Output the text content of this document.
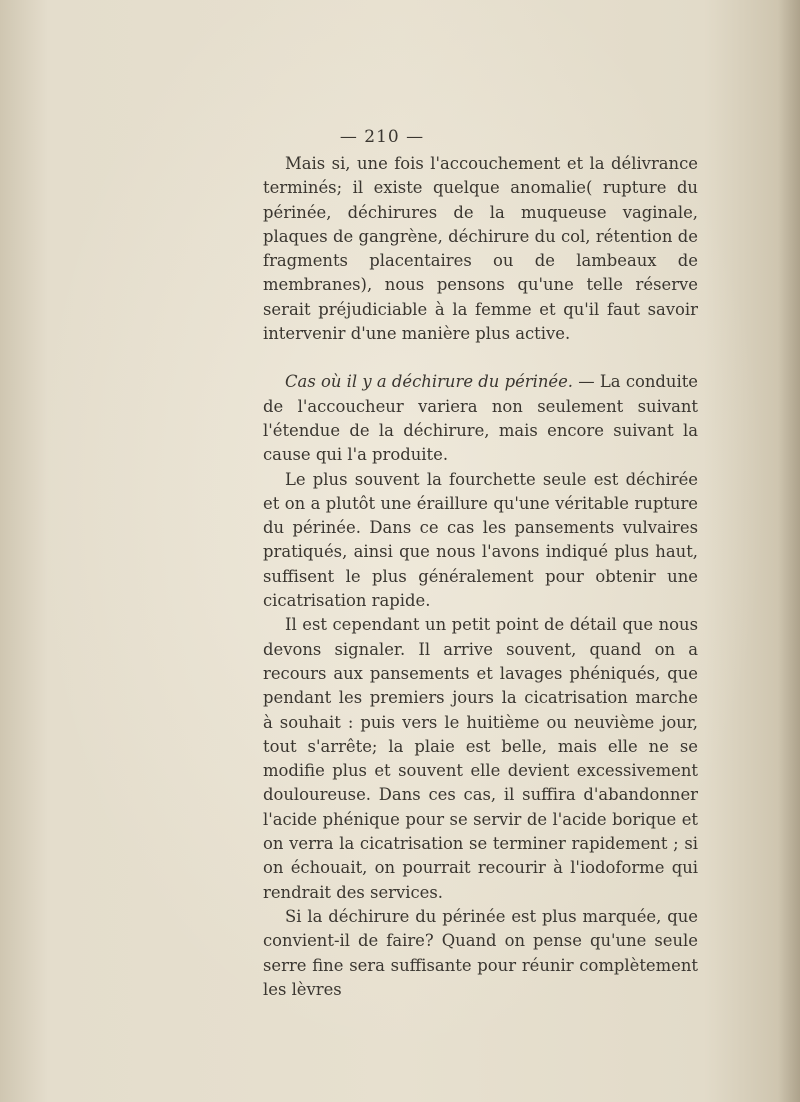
— 210 —

Mais si, une fois l'accouchement et la délivrance terminés; il existe quelque anomalie( rupture du périnée, déchirures de la muqueuse vaginale, plaques de gangrène, déchirure du col, rétention de fragments placentaires ou de lambeaux de membranes), nous pensons qu'une telle réserve serait préjudiciable à la femme et qu'il faut savoir intervenir d'une manière plus active.

Cas où il y a déchirure du périnée. — La conduite de l'accoucheur variera non seulement suivant l'étendue de la déchirure, mais encore suivant la cause qui l'a produite.

Le plus souvent la fourchette seule est déchirée et on a plutôt une éraillure qu'une véritable rupture du périnée. Dans ce cas les pansements vulvaires pratiqués, ainsi que nous l'avons indiqué plus haut, suffisent le plus généralement pour obtenir une cicatrisation rapide.

Il est cependant un petit point de détail que nous devons signaler. Il arrive souvent, quand on a recours aux pansements et lavages phéniqués, que pendant les premiers jours la cicatrisation marche à souhait : puis vers le huitième ou neuvième jour, tout s'arrête; la plaie est belle, mais elle ne se modifie plus et souvent elle devient excessivement douloureuse. Dans ces cas, il suffira d'abandonner l'acide phénique pour se servir de l'acide borique et on verra la cicatrisation se terminer rapidement ; si on échouait, on pourrait recourir à l'iodoforme qui rendrait des services.

Si la déchirure du périnée est plus marquée, que convient-il de faire? Quand on pense qu'une seule serre fine sera suffisante pour réunir complètement les lèvres
